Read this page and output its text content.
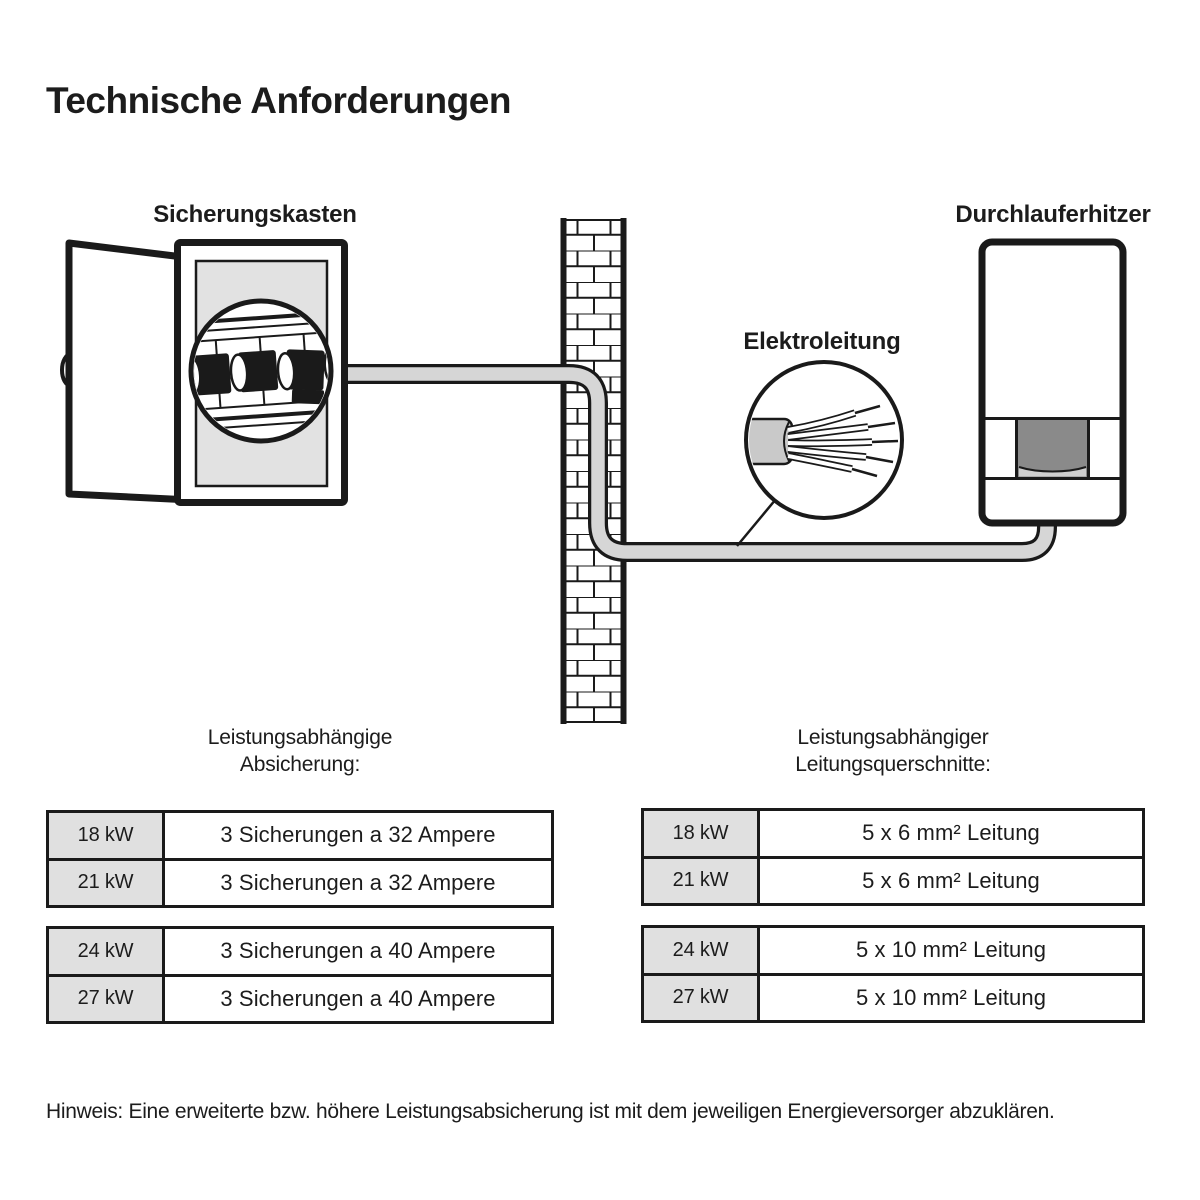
Technische Anforderungen
Sicherungskasten	Durchlauferhitzer
Elektroleitung
Leistungsabhängige
Absicherung:
18 kW	3 Sicherungen a 32 Ampere
21 kW	3 Sicherungen a 32 Ampere
24 kW	3 Sicherungen a 40 Ampere
27 kW	3 Sicherungen a 40 Ampere
Leistungsabhängiger
Leitungsquerschnitte:
18 kW	5 x 6 mm² Leitung
21 kW	5 x 6 mm² Leitung
24 kW	5 x 10 mm² Leitung
27 kW	5 x 10 mm² Leitung
Hinweis: Eine erweiterte bzw. höhere Leistungsabsicherung ist mit dem jeweiligen Energieversorger abzuklären.
